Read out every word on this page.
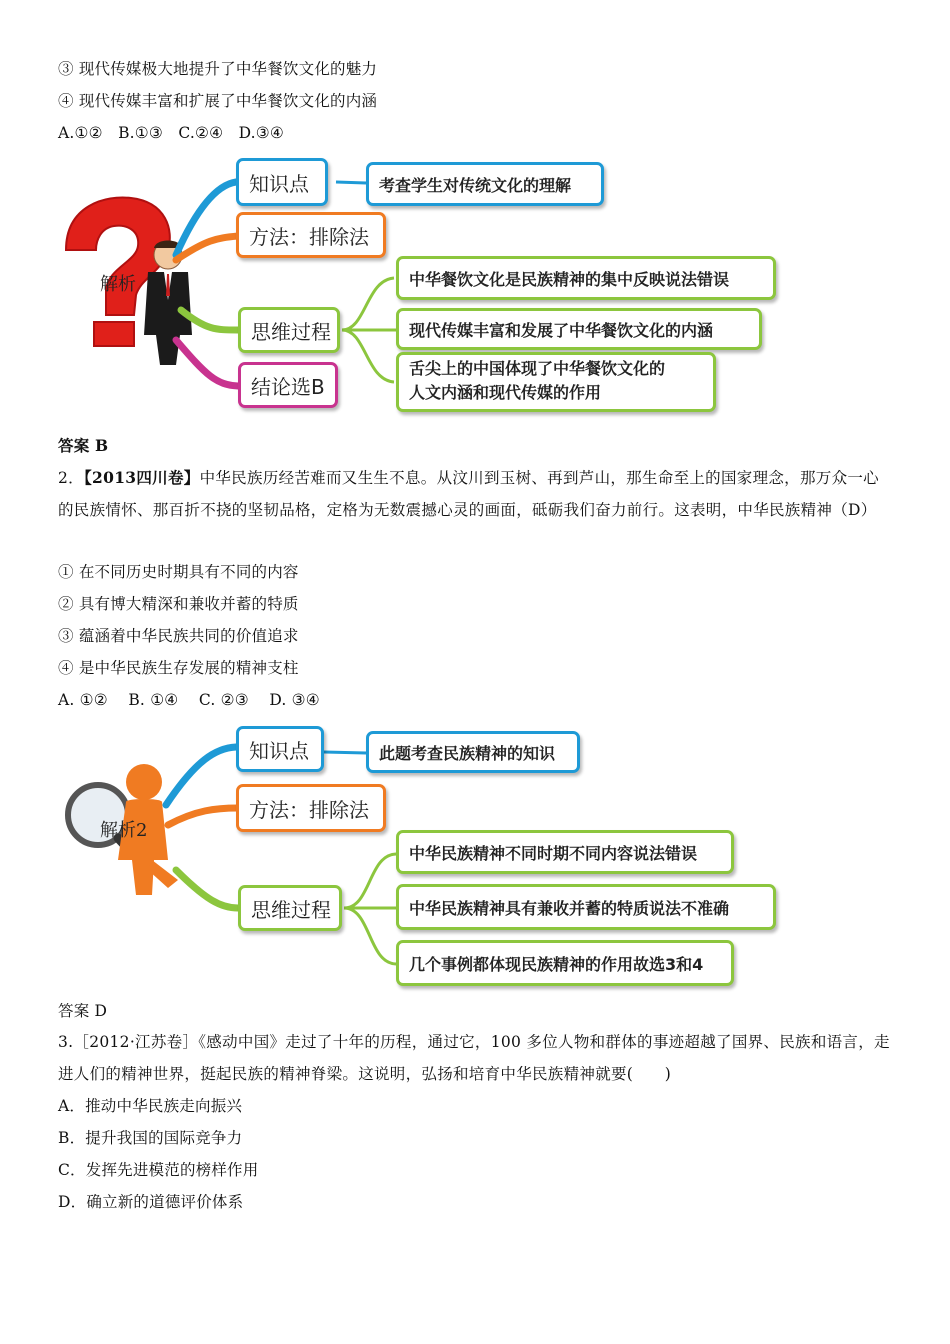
③ 现代传媒极大地提升了中华餐饮文化的魅力
④ 现代传媒丰富和扩展了中华餐饮文化的内涵
A.①②   B.①③   C.②④   D.③④
解析
知识点	考查学生对传统文化的理解
方法：排除法
思维过程
中华餐饮文化是民族精神的集中反映说法错误
现代传媒丰富和发展了中华餐饮文化的内涵
舌尖上的中国体现了中华餐饮文化的人文内涵和现代传媒的作用
结论选B
答案 B
2．【2013四川卷】中华民族历经苦难而又生生不息。从汶川到玉树、再到芦山，那生命至上的国家理念，那万众一心的民族情怀、那百折不挠的坚韧品格，定格为无数震撼心灵的画面，砥砺我们奋力前行。这表明，中华民族精神（D）
① 在不同历史时期具有不同的内容
② 具有博大精深和兼收并蓄的特质
③ 蕴涵着中华民族共同的价值追求
④ 是中华民族生存发展的精神支柱
A. ①②    B. ①④    C. ②③    D. ③④
解析2
知识点	此题考查民族精神的知识
方法：排除法
思维过程
中华民族精神不同时期不同内容说法错误
中华民族精神具有兼收并蓄的特质说法不准确
几个事例都体现民族精神的作用故选3和4
答案 D
3.［2012·江苏卷］《感动中国》走过了十年的历程，通过它，100 多位人物和群体的事迹超越了国界、民族和语言，走进人们的精神世界，挺起民族的精神脊梁。这说明，弘扬和培育中华民族精神就要(　　)
A．推动中华民族走向振兴
B．提升我国的国际竞争力
C．发挥先进模范的榜样作用
D．确立新的道德评价体系
